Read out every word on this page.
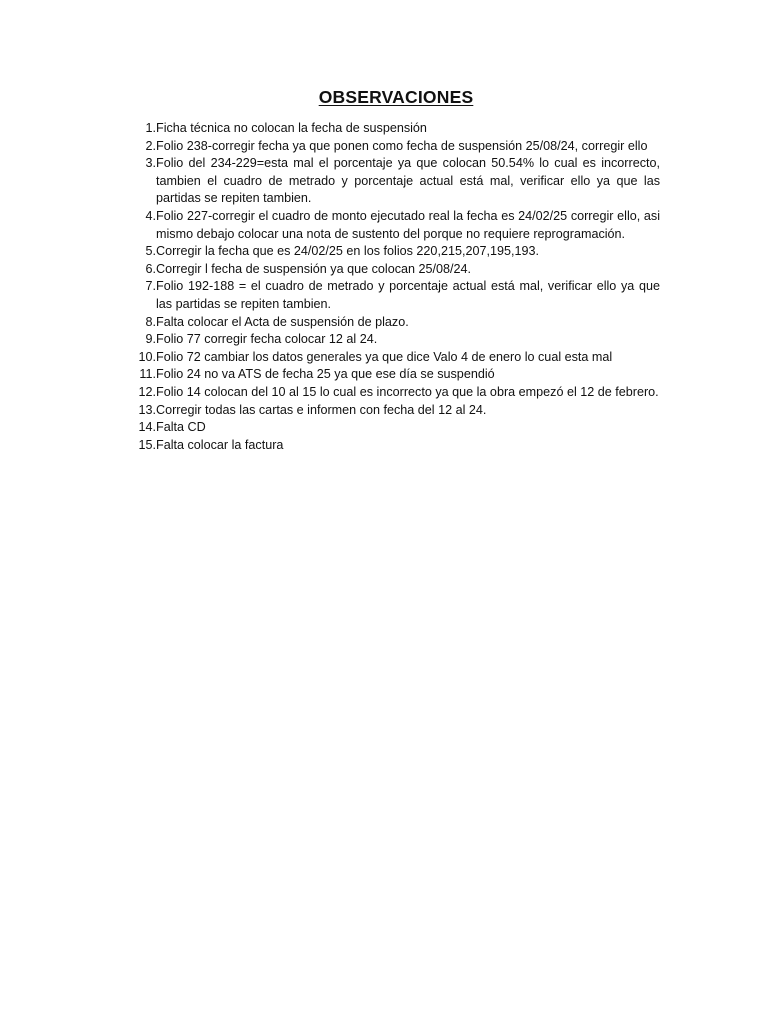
OBSERVACIONES
1. Ficha técnica no colocan la fecha de suspensión
2. Folio 238-corregir fecha ya que ponen como fecha de suspensión 25/08/24, corregir ello
3. Folio del 234-229=esta mal el porcentaje ya que colocan 50.54% lo cual es incorrecto, tambien el cuadro de metrado y porcentaje actual está mal, verificar ello ya que las partidas se repiten tambien.
4. Folio 227-corregir el cuadro de monto ejecutado real la fecha es 24/02/25 corregir ello, asi mismo debajo colocar una nota de sustento del porque no requiere reprogramación.
5. Corregir la fecha que es 24/02/25 en los folios 220,215,207,195,193.
6. Corregir l fecha de suspensión ya que colocan 25/08/24.
7. Folio 192-188 = el cuadro de metrado y porcentaje actual está mal, verificar ello ya que las partidas se repiten tambien.
8. Falta colocar el Acta de suspensión de plazo.
9. Folio 77 corregir fecha colocar 12 al 24.
10. Folio 72 cambiar los datos generales ya que dice Valo 4 de enero lo cual esta mal
11. Folio 24 no va ATS de fecha 25 ya que ese día se suspendió
12. Folio 14 colocan del 10 al 15 lo cual es incorrecto ya que la obra empezó el 12 de febrero.
13. Corregir todas las cartas e informen con fecha del 12 al 24.
14. Falta CD
15. Falta colocar la factura
